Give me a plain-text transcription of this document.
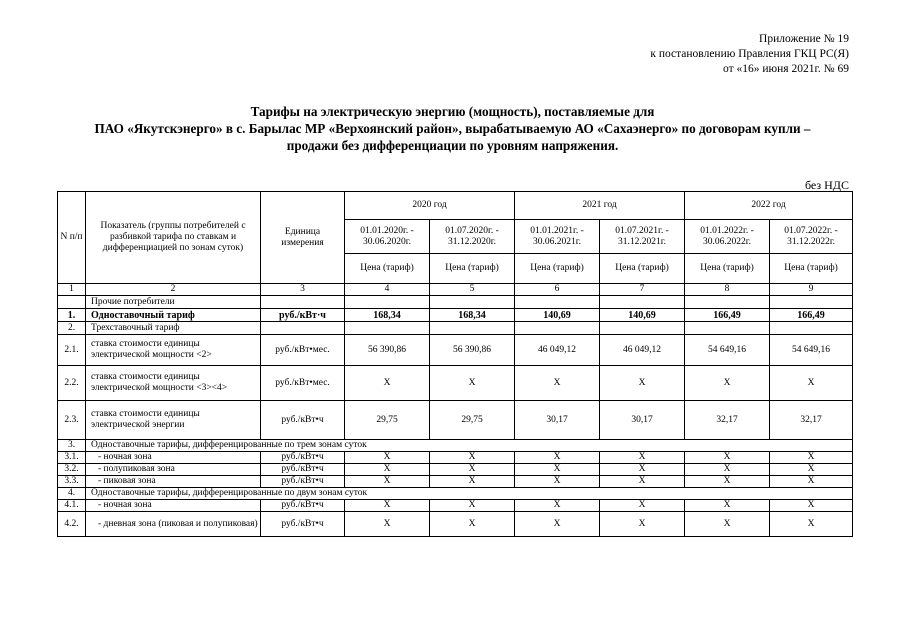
Приложение № 19
к постановлению Правления ГКЦ РС(Я)
от «16» июня 2021г. № 69
Тарифы на электрическую энергию (мощность), поставляемые для
ПАО «Якутскэнерго» в с. Барылас МР «Верхоянский район», вырабатываемую АО «Сахаэнерго» по договорам купли –
продажи без дифференциации по уровням напряжения.
без НДС
N п/п	Показатель (группы потребителей с разбивкой тарифа по ставкам и дифференциацией по зонам суток)	Единица измерения	2020 год		2021 год		2022 год	
			01.01.2020г. - 30.06.2020г.	01.07.2020г. - 31.12.2020г.	01.01.2021г. - 30.06.2021г.	01.07.2021г. - 31.12.2021г.	01.01.2022г. - 30.06.2022г.	01.07.2022г. - 31.12.2022г.
			Цена (тариф)	Цена (тариф)	Цена (тариф)	Цена (тариф)	Цена (тариф)	Цена (тариф)
1	2	3	4	5	6	7	8	9
	Прочие потребители							
1.	Одноставочный тариф	руб./кВт·ч	168,34	168,34	140,69	140,69	166,49	166,49
2.	Трехставочный тариф							
2.1.	ставка стоимости единицы электрической мощности <2>	руб./кВт•мес.	56 390,86	56 390,86	46 049,12	46 049,12	54 649,16	54 649,16
2.2.	ставка стоимости единицы электрической мощности <3><4>	руб./кВт•мес.	X	X	X	X	X	X
2.3.	ставка стоимости единицы электрической энергии	руб./кВт•ч	29,75	29,75	30,17	30,17	32,17	32,17
3.	Одноставочные тарифы, дифференцированные по трем зонам суток							
3.1.	- ночная зона	руб./кВт•ч	X	X	X	X	X	X
3.2.	- полупиковая зона	руб./кВт•ч	X	X	X	X	X	X
3.3.	- пиковая зона	руб./кВт•ч	X	X	X	X	X	X
4.	Одноставочные тарифы, дифференцированные по двум зонам суток							
4.1.	- ночная зона	руб./кВт•ч	X	X	X	X	X	X
4.2.	- дневная зона (пиковая и полупиковая)	руб./кВт•ч	X	X	X	X	X	X
